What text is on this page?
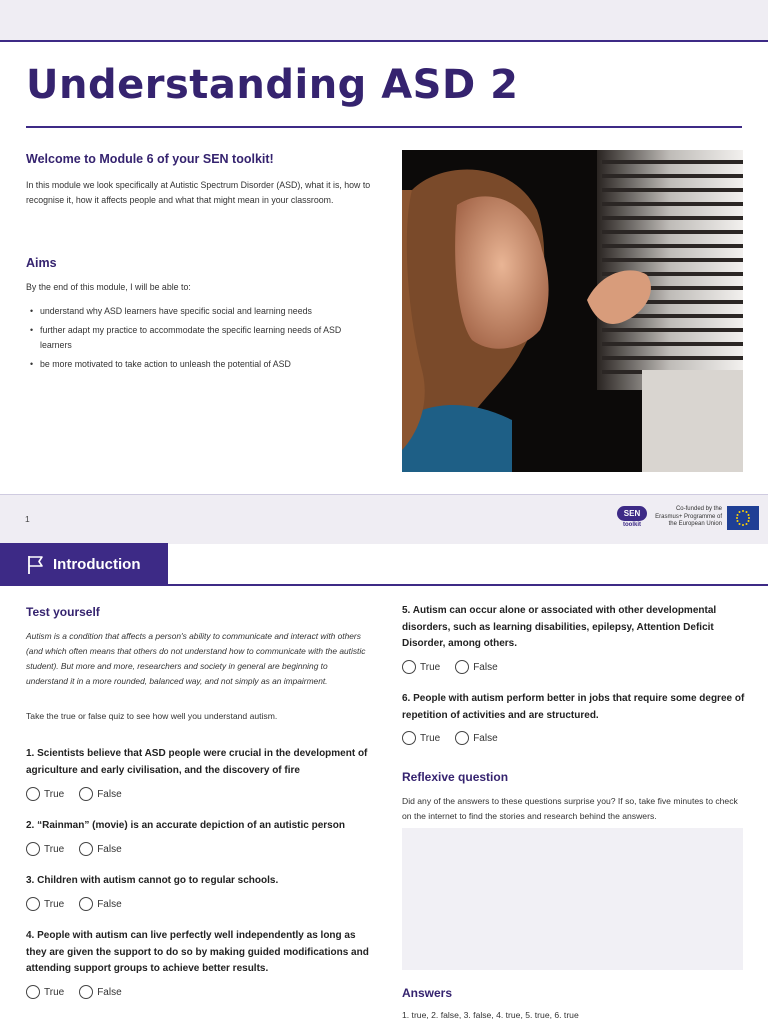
Understanding ASD 2
Welcome to Module 6 of your SEN toolkit!

In this module we look specifically at Autistic Spectrum Disorder (ASD), what it is, how to recognise it, how it affects people and what that might mean in your classroom.

Aims

By the end of this module, I will be able to:

• understand why ASD learners have specific social and learning needs
• further adapt my practice to accommodate the specific learning needs of ASD learners
• be more motivated to take action to unleash the potential of ASD
1
SEN
toolkit
Co-funded by the Erasmus+ Programme of the European Union
Introduction
Test yourself

Autism is a condition that affects a person's ability to communicate and interact with others (and which often means that others do not understand how to communicate with the autistic student). But more and more, researchers and society in general are beginning to understand it in a more rounded, balanced way, and not simply as an impairment.

Take the true or false quiz to see how well you understand autism.

1. Scientists believe that ASD people were crucial in the development of agriculture and early civilisation, and the discovery of fire
True	False
2. “Rainman” (movie) is an accurate depiction of an autistic person
True	False
3. Children with autism cannot go to regular schools.
True	False
4. People with autism can live perfectly well independently as long as they are given the support to do so by making guided modifications and attending support groups to achieve better results.
True	False
5. Autism can occur alone or associated with other developmental disorders, such as learning disabilities, epilepsy, Attention Deficit Disorder, among others.
True	False
6. People with autism perform better in jobs that require some degree of repetition of activities and are structured.
True	False
Reflexive question

Did any of the answers to these questions surprise you? If so, take five minutes to check on the internet to find the stories and research behind the answers.

Answers

1. true, 2. false, 3. false, 4. true, 5. true, 6. true
